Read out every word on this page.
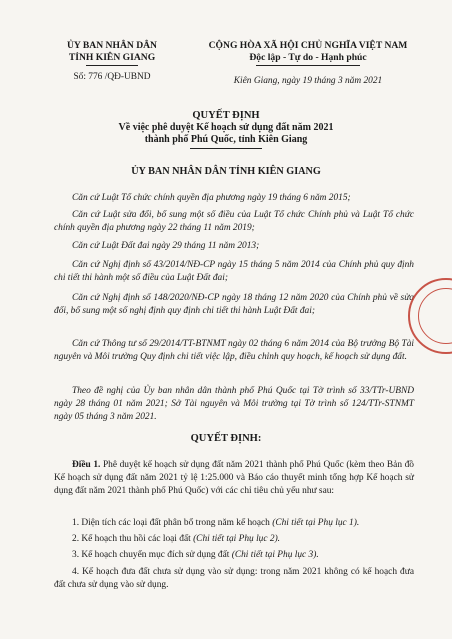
ỦY BAN NHÂN DÂN
TỈNH KIÊN GIANG
Số: 776 /QĐ-UBND
CỘNG HÒA XÃ HỘI CHỦ NGHĨA VIỆT NAM
Độc lập - Tự do - Hạnh phúc
Kiên Giang, ngày 19 tháng 3 năm 2021
QUYẾT ĐỊNH
Về việc phê duyệt Kế hoạch sử dụng đất năm 2021
thành phố Phú Quốc, tỉnh Kiên Giang
ỦY BAN NHÂN DÂN TỈNH KIÊN GIANG

Căn cứ Luật Tổ chức chính quyền địa phương ngày 19 tháng 6 năm 2015;

Căn cứ Luật sửa đổi, bổ sung một số điều của Luật Tổ chức Chính phủ và Luật Tổ chức chính quyền địa phương ngày 22 tháng 11 năm 2019;

Căn cứ Luật Đất đai ngày 29 tháng 11 năm 2013;

Căn cứ Nghị định số 43/2014/NĐ-CP ngày 15 tháng 5 năm 2014 của Chính phủ quy định chi tiết thi hành một số điều của Luật Đất đai;

Căn cứ Nghị định số 148/2020/NĐ-CP ngày 18 tháng 12 năm 2020 của Chính phủ về sửa đổi, bổ sung một số nghị định quy định chi tiết thi hành Luật Đất đai;

Căn cứ Thông tư số 29/2014/TT-BTNMT ngày 02 tháng 6 năm 2014 của Bộ trưởng Bộ Tài nguyên và Môi trường Quy định chi tiết việc lập, điều chỉnh quy hoạch, kế hoạch sử dụng đất.

Theo đề nghị của Ủy ban nhân dân thành phố Phú Quốc tại Tờ trình số 33/TTr-UBND ngày 28 tháng 01 năm 2021; Sở Tài nguyên và Môi trường tại Tờ trình số 124/TTr-STNMT ngày 05 tháng 3 năm 2021.

QUYẾT ĐỊNH:

Điều 1. Phê duyệt kế hoạch sử dụng đất năm 2021 thành phố Phú Quốc (kèm theo Bản đồ Kế hoạch sử dụng đất năm 2021 tỷ lệ 1:25.000 và Báo cáo thuyết minh tổng hợp Kế hoạch sử dụng đất năm 2021 thành phố Phú Quốc) với các chỉ tiêu chủ yếu như sau:

1. Diện tích các loại đất phân bổ trong năm kế hoạch (Chi tiết tại Phụ lục 1).

2. Kế hoạch thu hồi các loại đất (Chi tiết tại Phụ lục 2).

3. Kế hoạch chuyển mục đích sử dụng đất (Chi tiết tại Phụ lục 3).

4. Kế hoạch đưa đất chưa sử dụng vào sử dụng: trong năm 2021 không có kế hoạch đưa đất chưa sử dụng vào sử dụng.
